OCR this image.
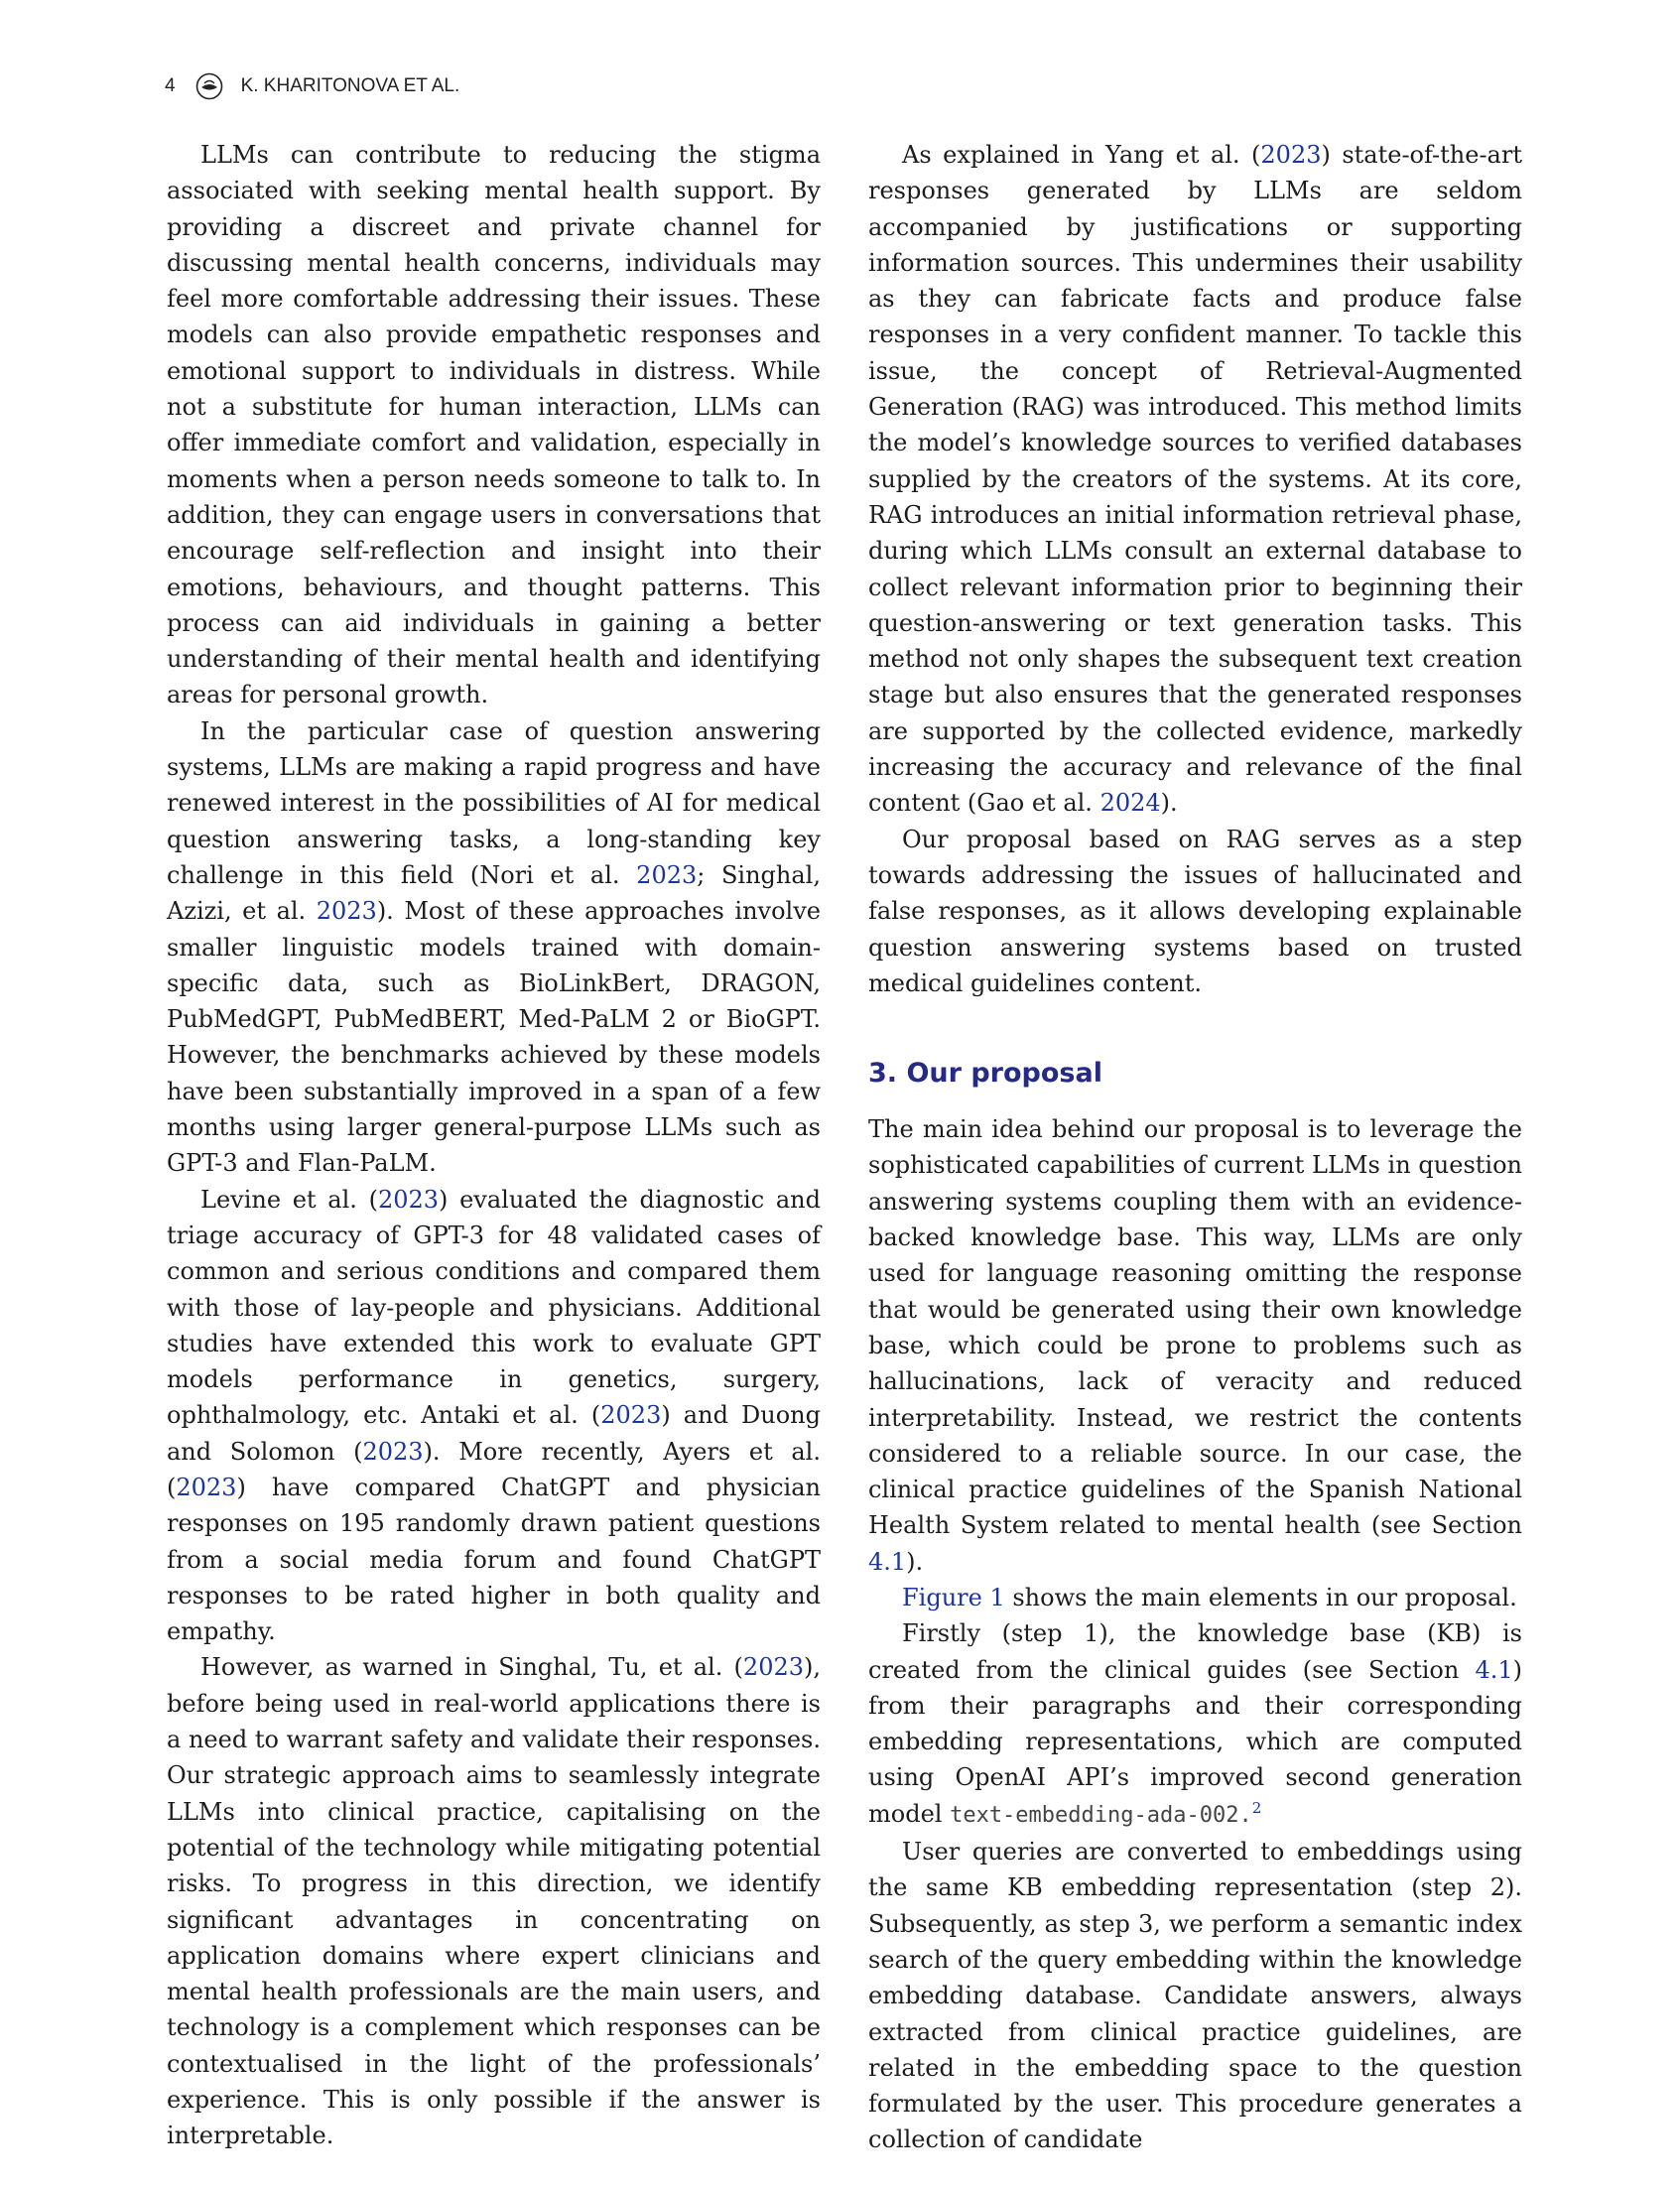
4	K. KHARITONOVA ET AL.

LLMs can contribute to reducing the stigma associated with seeking mental health support. By providing a discreet and private channel for discussing mental health concerns, individuals may feel more comfortable addressing their issues. These models can also provide empathetic responses and emotional support to individuals in distress. While not a substitute for human interaction, LLMs can offer immediate comfort and validation, especially in moments when a person needs someone to talk to. In addition, they can engage users in conversations that encourage self-reflection and insight into their emotions, behaviours, and thought patterns. This process can aid individuals in gaining a better understanding of their mental health and identifying areas for personal growth.

In the particular case of question answering systems, LLMs are making a rapid progress and have renewed interest in the possibilities of AI for medical question answering tasks, a long-standing key challenge in this field (Nori et al. 2023; Singhal, Azizi, et al. 2023). Most of these approaches involve smaller linguistic models trained with domain-specific data, such as BioLinkBert, DRAGON, PubMedGPT, PubMedBERT, Med-PaLM 2 or BioGPT. However, the benchmarks achieved by these models have been substantially improved in a span of a few months using larger general-purpose LLMs such as GPT-3 and Flan-PaLM.

Levine et al. (2023) evaluated the diagnostic and triage accuracy of GPT-3 for 48 validated cases of common and serious conditions and compared them with those of lay-people and physicians. Additional studies have extended this work to evaluate GPT models performance in genetics, surgery, ophthalmology, etc. Antaki et al. (2023) and Duong and Solomon (2023). More recently, Ayers et al. (2023) have compared ChatGPT and physician responses on 195 randomly drawn patient questions from a social media forum and found ChatGPT responses to be rated higher in both quality and empathy.

However, as warned in Singhal, Tu, et al. (2023), before being used in real-world applications there is a need to warrant safety and validate their responses. Our strategic approach aims to seamlessly integrate LLMs into clinical practice, capitalising on the potential of the technology while mitigating potential risks. To progress in this direction, we identify significant advantages in concentrating on application domains where expert clinicians and mental health professionals are the main users, and technology is a complement which responses can be contextualised in the light of the professionals’ experience. This is only possible if the answer is interpretable.

As explained in Yang et al. (2023) state-of-the-art responses generated by LLMs are seldom accompanied by justifications or supporting information sources. This undermines their usability as they can fabricate facts and produce false responses in a very confident manner. To tackle this issue, the concept of Retrieval-Augmented Generation (RAG) was introduced. This method limits the model’s knowledge sources to verified databases supplied by the creators of the systems. At its core, RAG introduces an initial information retrieval phase, during which LLMs consult an external database to collect relevant information prior to beginning their question-answering or text generation tasks. This method not only shapes the subsequent text creation stage but also ensures that the generated responses are supported by the collected evidence, markedly increasing the accuracy and relevance of the final content (Gao et al. 2024).

Our proposal based on RAG serves as a step towards addressing the issues of hallucinated and false responses, as it allows developing explainable question answering systems based on trusted medical guidelines content.

3. Our proposal

The main idea behind our proposal is to leverage the sophisticated capabilities of current LLMs in question answering systems coupling them with an evidence-backed knowledge base. This way, LLMs are only used for language reasoning omitting the response that would be generated using their own knowledge base, which could be prone to problems such as hallucinations, lack of veracity and reduced interpretability. Instead, we restrict the contents considered to a reliable source. In our case, the clinical practice guidelines of the Spanish National Health System related to mental health (see Section 4.1).

Figure 1 shows the main elements in our proposal.

Firstly (step 1), the knowledge base (KB) is created from the clinical guides (see Section 4.1) from their paragraphs and their corresponding embedding representations, which are computed using OpenAI API’s improved second generation model text-embedding-ada-002.$^2$

User queries are converted to embeddings using the same KB embedding representation (step 2). Subsequently, as step 3, we perform a semantic index search of the query embedding within the knowledge embedding database. Candidate answers, always extracted from clinical practice guidelines, are related in the embedding space to the question formulated by the user. This procedure generates a collection of candidate
